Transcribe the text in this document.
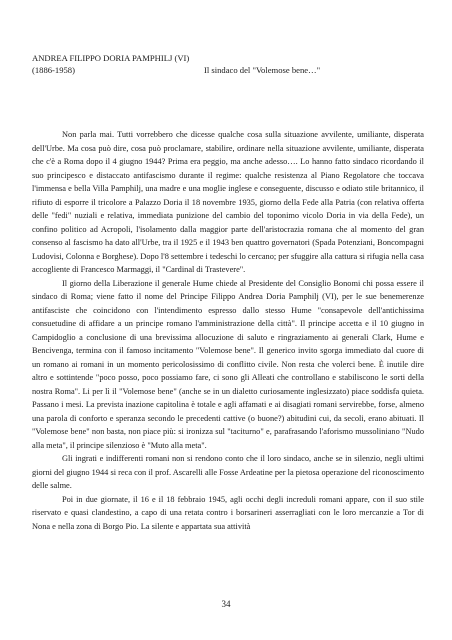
ANDREA FILIPPO DORIA PAMPHILJ (VI)
(1886-1958)	Il sindaco del "Volemose bene…"

Non parla mai. Tutti vorrebbero che dicesse qualche cosa sulla situazione avvilente, umiliante, disperata dell'Urbe. Ma cosa può dire, cosa può proclamare, stabilire, ordinare nella situazione avvilente, umiliante, disperata che c'è a Roma dopo il 4 giugno 1944? Prima era peggio, ma anche adesso…. Lo hanno fatto sindaco ricordando il suo principesco e distaccato antifascismo durante il regime: qualche resistenza al Piano Regolatore che toccava l'immensa e bella Villa Pamphilj, una madre e una moglie inglese e conseguente, discusso e odiato stile britannico, il rifiuto di esporre il tricolore a Palazzo Doria il 18 novembre 1935, giorno della Fede alla Patria (con relativa offerta delle "fedi" nuziali e relativa, immediata punizione del cambio del toponimo vicolo Doria in via della Fede), un confino politico ad Acropoli, l'isolamento dalla maggior parte dell'aristocrazia romana che al momento del gran consenso al fascismo ha dato all'Urbe, tra il 1925 e il 1943 ben quattro governatori (Spada Potenziani, Boncompagni Ludovisi, Colonna e Borghese). Dopo l'8 settembre i tedeschi lo cercano; per sfuggire alla cattura si rifugia nella casa accogliente di Francesco Marmaggi, il "Cardinal di Trastevere".

Il giorno della Liberazione il generale Hume chiede al Presidente del Consiglio Bonomi chi possa essere il sindaco di Roma; viene fatto il nome del Principe Filippo Andrea Doria Pamphilj (VI), per le sue benemerenze antifasciste che coincidono con l'intendimento espresso dallo stesso Hume "consapevole dell'antichissima consuetudine di affidare a un principe romano l'amministrazione della città". Il principe accetta e il 10 giugno in Campidoglio a conclusione di una brevissima allocuzione di saluto e ringraziamento ai generali Clark, Hume e Bencivenga, termina con il famoso incitamento "Volemose bene". Il generico invito sgorga immediato dal cuore di un romano ai romani in un momento pericolosissimo di conflitto civile. Non resta che volerci bene. È inutile dire altro e sottintende "poco posso, poco possiamo fare, ci sono gli Alleati che controllano e stabiliscono le sorti della nostra Roma". Li per lì il "Volemose bene" (anche se in un dialetto curiosamente inglesizzato) piace soddisfa quieta. Passano i mesi. La prevista inazione capitolina è totale e agli affamati e ai disagiati romani servirebbe, forse, almeno una parola di conforto e speranza secondo le precedenti cattive (o buone?) abitudini cui, da secoli, erano abituati. Il "Volemose bene" non basta, non piace più: si ironizza sul "taciturno" e, parafrasando l'aforismo mussoliniano "Nudo alla meta", il principe silenzioso è "Muto alla meta".

Gli ingrati e indifferenti romani non si rendono conto che il loro sindaco, anche se in silenzio, negli ultimi giorni del giugno 1944 si reca con il prof. Ascarelli alle Fosse Ardeatine per la pietosa operazione del riconoscimento delle salme.

Poi in due giornate, il 16 e il 18 febbraio 1945, agli occhi degli increduli romani appare, con il suo stile riservato e quasi clandestino, a capo di una retata contro i borsarineri asserragliati con le loro mercanzie a Tor di Nona e nella zona di Borgo Pio. La silente e appartata sua attività

34
